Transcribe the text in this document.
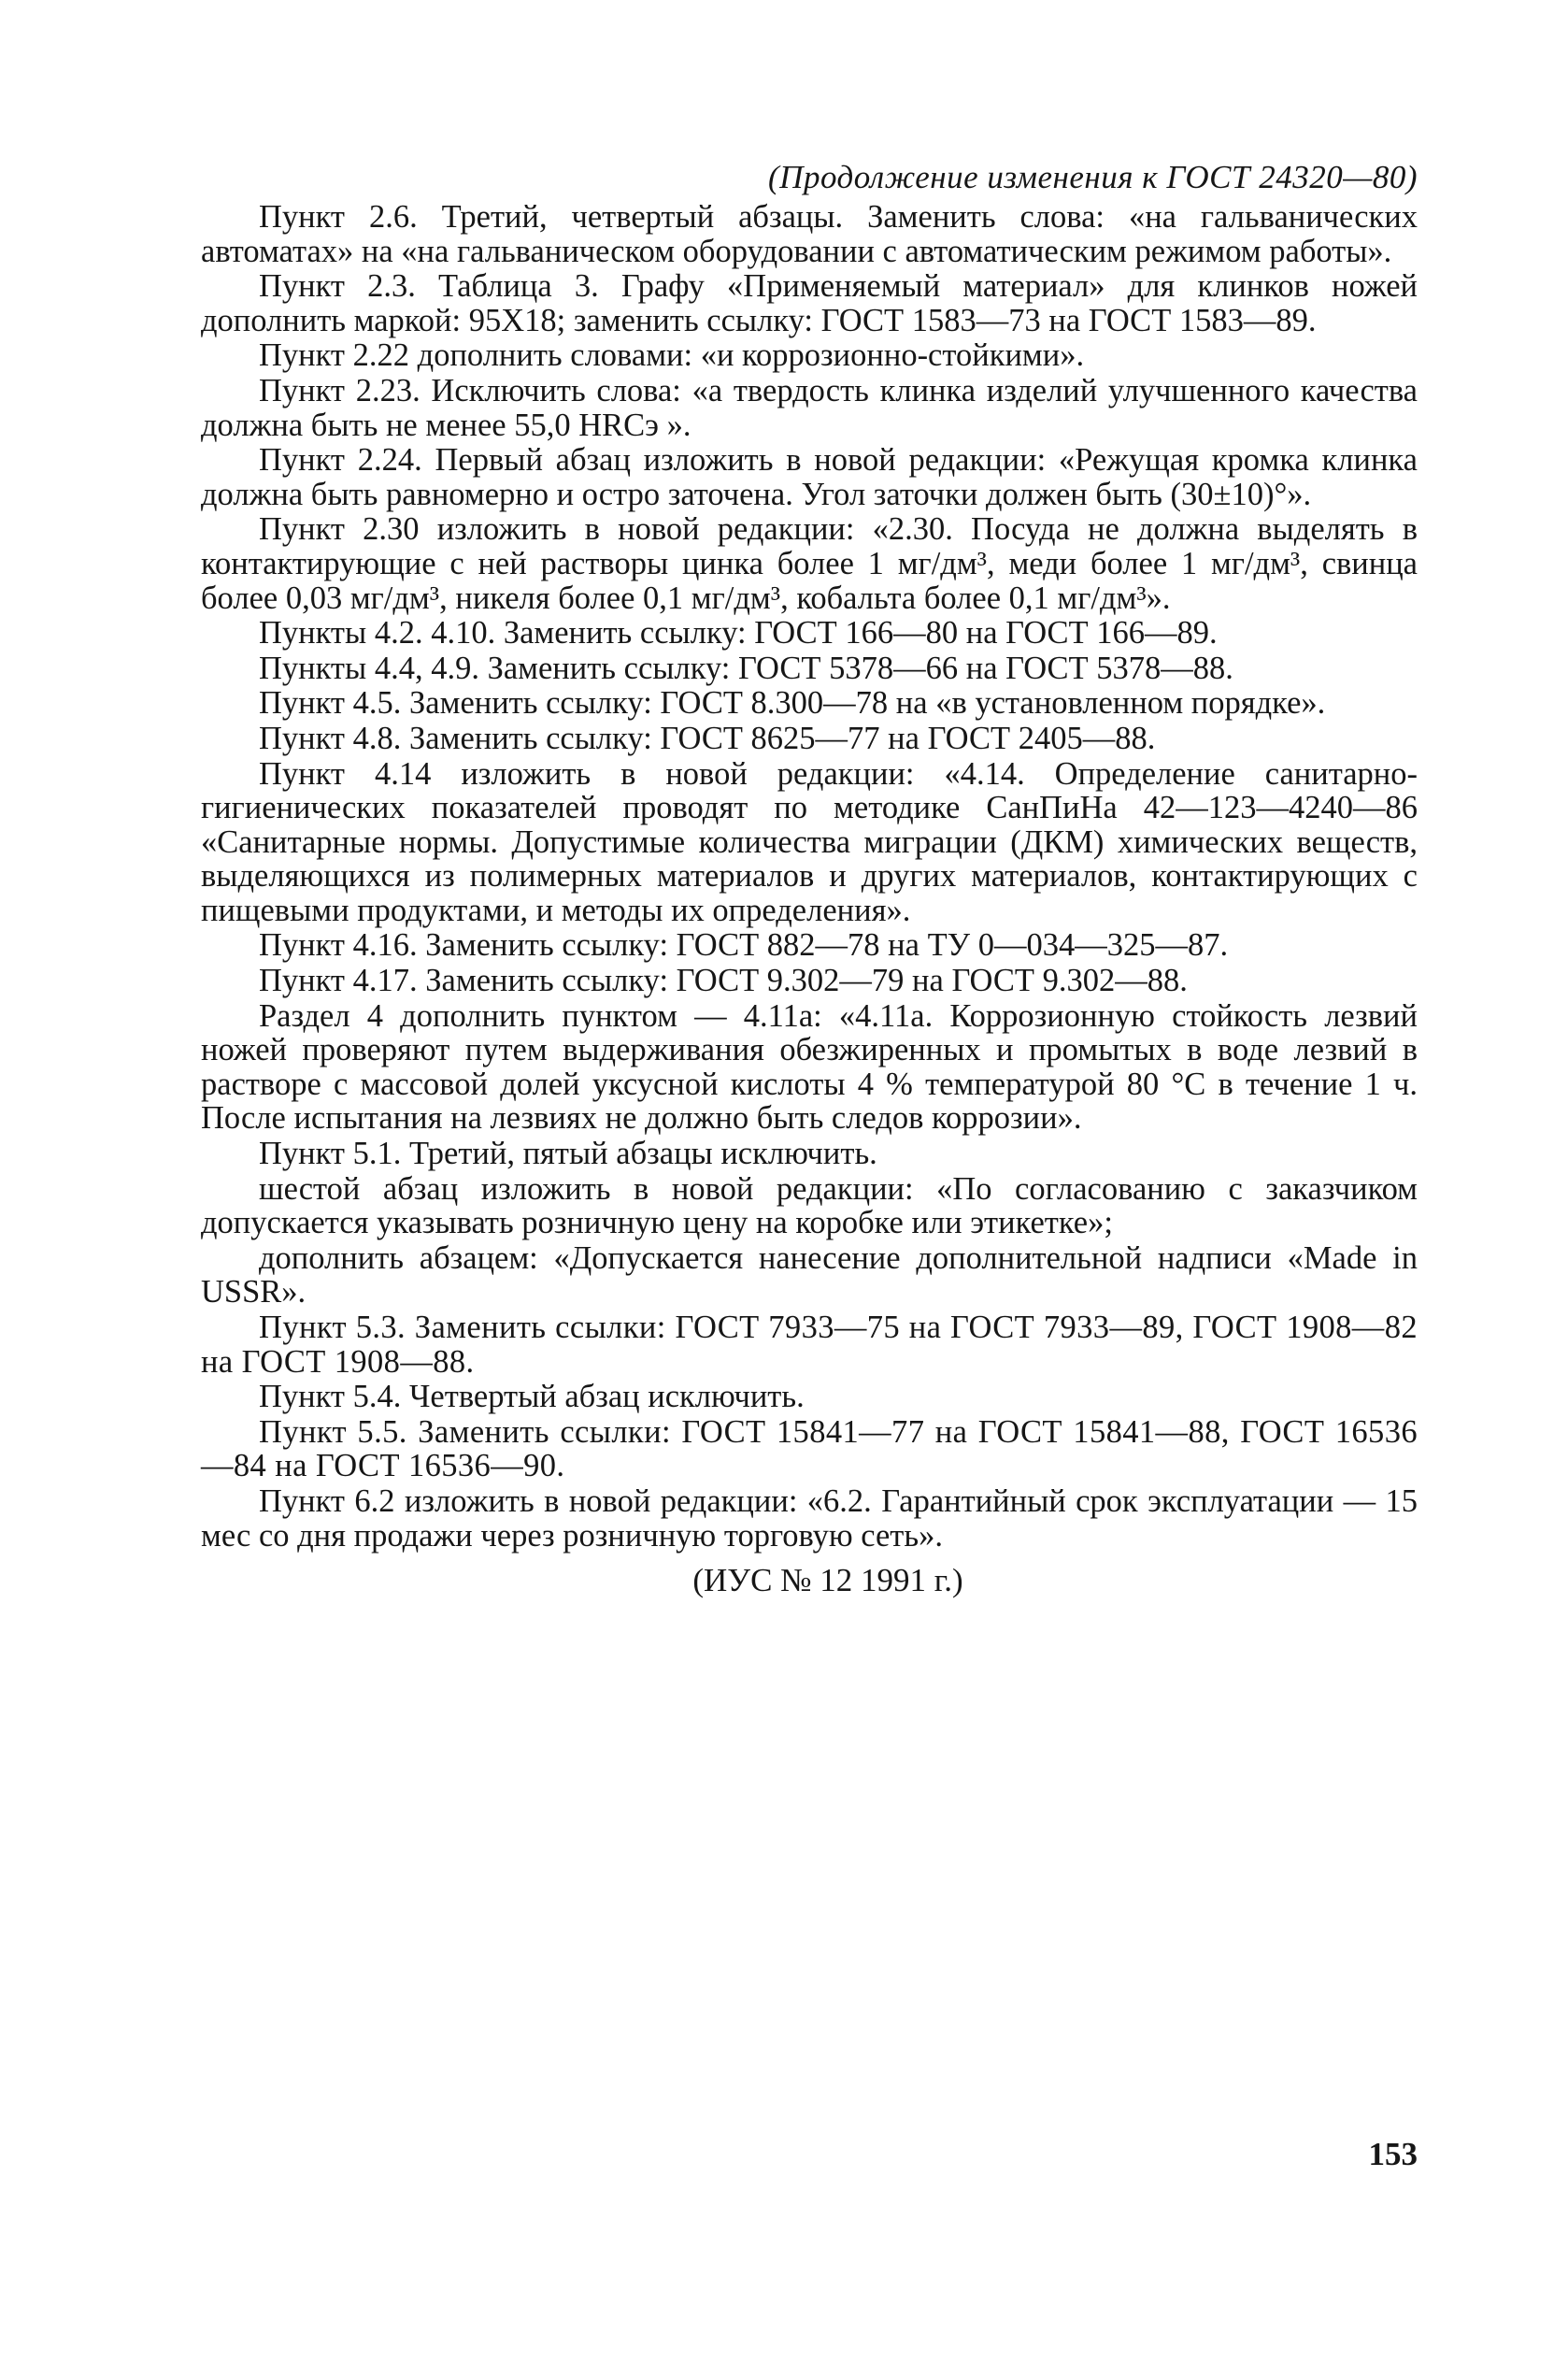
(Продолжение изменения к ГОСТ 24320—80)

Пункт 2.6. Третий, четвертый абзацы. Заменить слова: «на гальванических автоматах» на «на гальваническом оборудовании с автоматическим режимом работы».

Пункт 2.3. Таблица 3. Графу «Применяемый материал» для клинков ножей дополнить маркой: 95Х18; заменить ссылку: ГОСТ 1583—73 на ГОСТ 1583—89.

Пункт 2.22 дополнить словами: «и коррозионно-стойкими».

Пункт 2.23. Исключить слова: «а твердость клинка изделий улучшенного качества должна быть не менее 55,0 HRCэ ».

Пункт 2.24. Первый абзац изложить в новой редакции: «Режущая кромка клинка должна быть равномерно и остро заточена. Угол заточки должен быть (30±10)°».

Пункт 2.30 изложить в новой редакции: «2.30. Посуда не должна выделять в контактирующие с ней растворы цинка более 1 мг/дм³, меди более 1 мг/дм³, свинца более 0,03 мг/дм³, никеля более 0,1 мг/дм³, кобальта более 0,1 мг/дм³».

Пункты 4.2. 4.10. Заменить ссылку: ГОСТ 166—80 на ГОСТ 166—89.

Пункты 4.4, 4.9. Заменить ссылку: ГОСТ 5378—66 на ГОСТ 5378—88.

Пункт 4.5. Заменить ссылку: ГОСТ 8.300—78 на «в установленном порядке».

Пункт 4.8. Заменить ссылку: ГОСТ 8625—77 на ГОСТ 2405—88.

Пункт 4.14 изложить в новой редакции: «4.14. Определение санитарно-гигиенических показателей проводят по методике СанПиНа 42—123—4240—86 «Санитарные нормы. Допустимые количества миграции (ДКМ) химических веществ, выделяющихся из полимерных материалов и других материалов, контактирующих с пищевыми продуктами, и методы их определения».

Пункт 4.16. Заменить ссылку: ГОСТ 882—78 на ТУ 0—034—325—87.

Пункт 4.17. Заменить ссылку: ГОСТ 9.302—79 на ГОСТ 9.302—88.

Раздел 4 дополнить пунктом — 4.11а: «4.11а. Коррозионную стойкость лезвий ножей проверяют путем выдерживания обезжиренных и промытых в воде лезвий в растворе с массовой долей уксусной кислоты 4 % температурой 80 °С в течение 1 ч. После испытания на лезвиях не должно быть следов коррозии».

Пункт 5.1. Третий, пятый абзацы исключить.

шестой абзац изложить в новой редакции: «По согласованию с заказчиком допускается указывать розничную цену на коробке или этикетке»;

дополнить абзацем: «Допускается нанесение дополнительной надписи «Made in USSR».

Пункт 5.3. Заменить ссылки: ГОСТ 7933—75 на ГОСТ 7933—89, ГОСТ 1908—82 на ГОСТ 1908—88.

Пункт 5.4. Четвертый абзац исключить.

Пункт 5.5. Заменить ссылки: ГОСТ 15841—77 на ГОСТ 15841—88, ГОСТ 16536—84 на ГОСТ 16536—90.

Пункт 6.2 изложить в новой редакции: «6.2. Гарантийный срок эксплуатации — 15 мес со дня продажи через розничную торговую сеть».

(ИУС № 12 1991 г.)
153
